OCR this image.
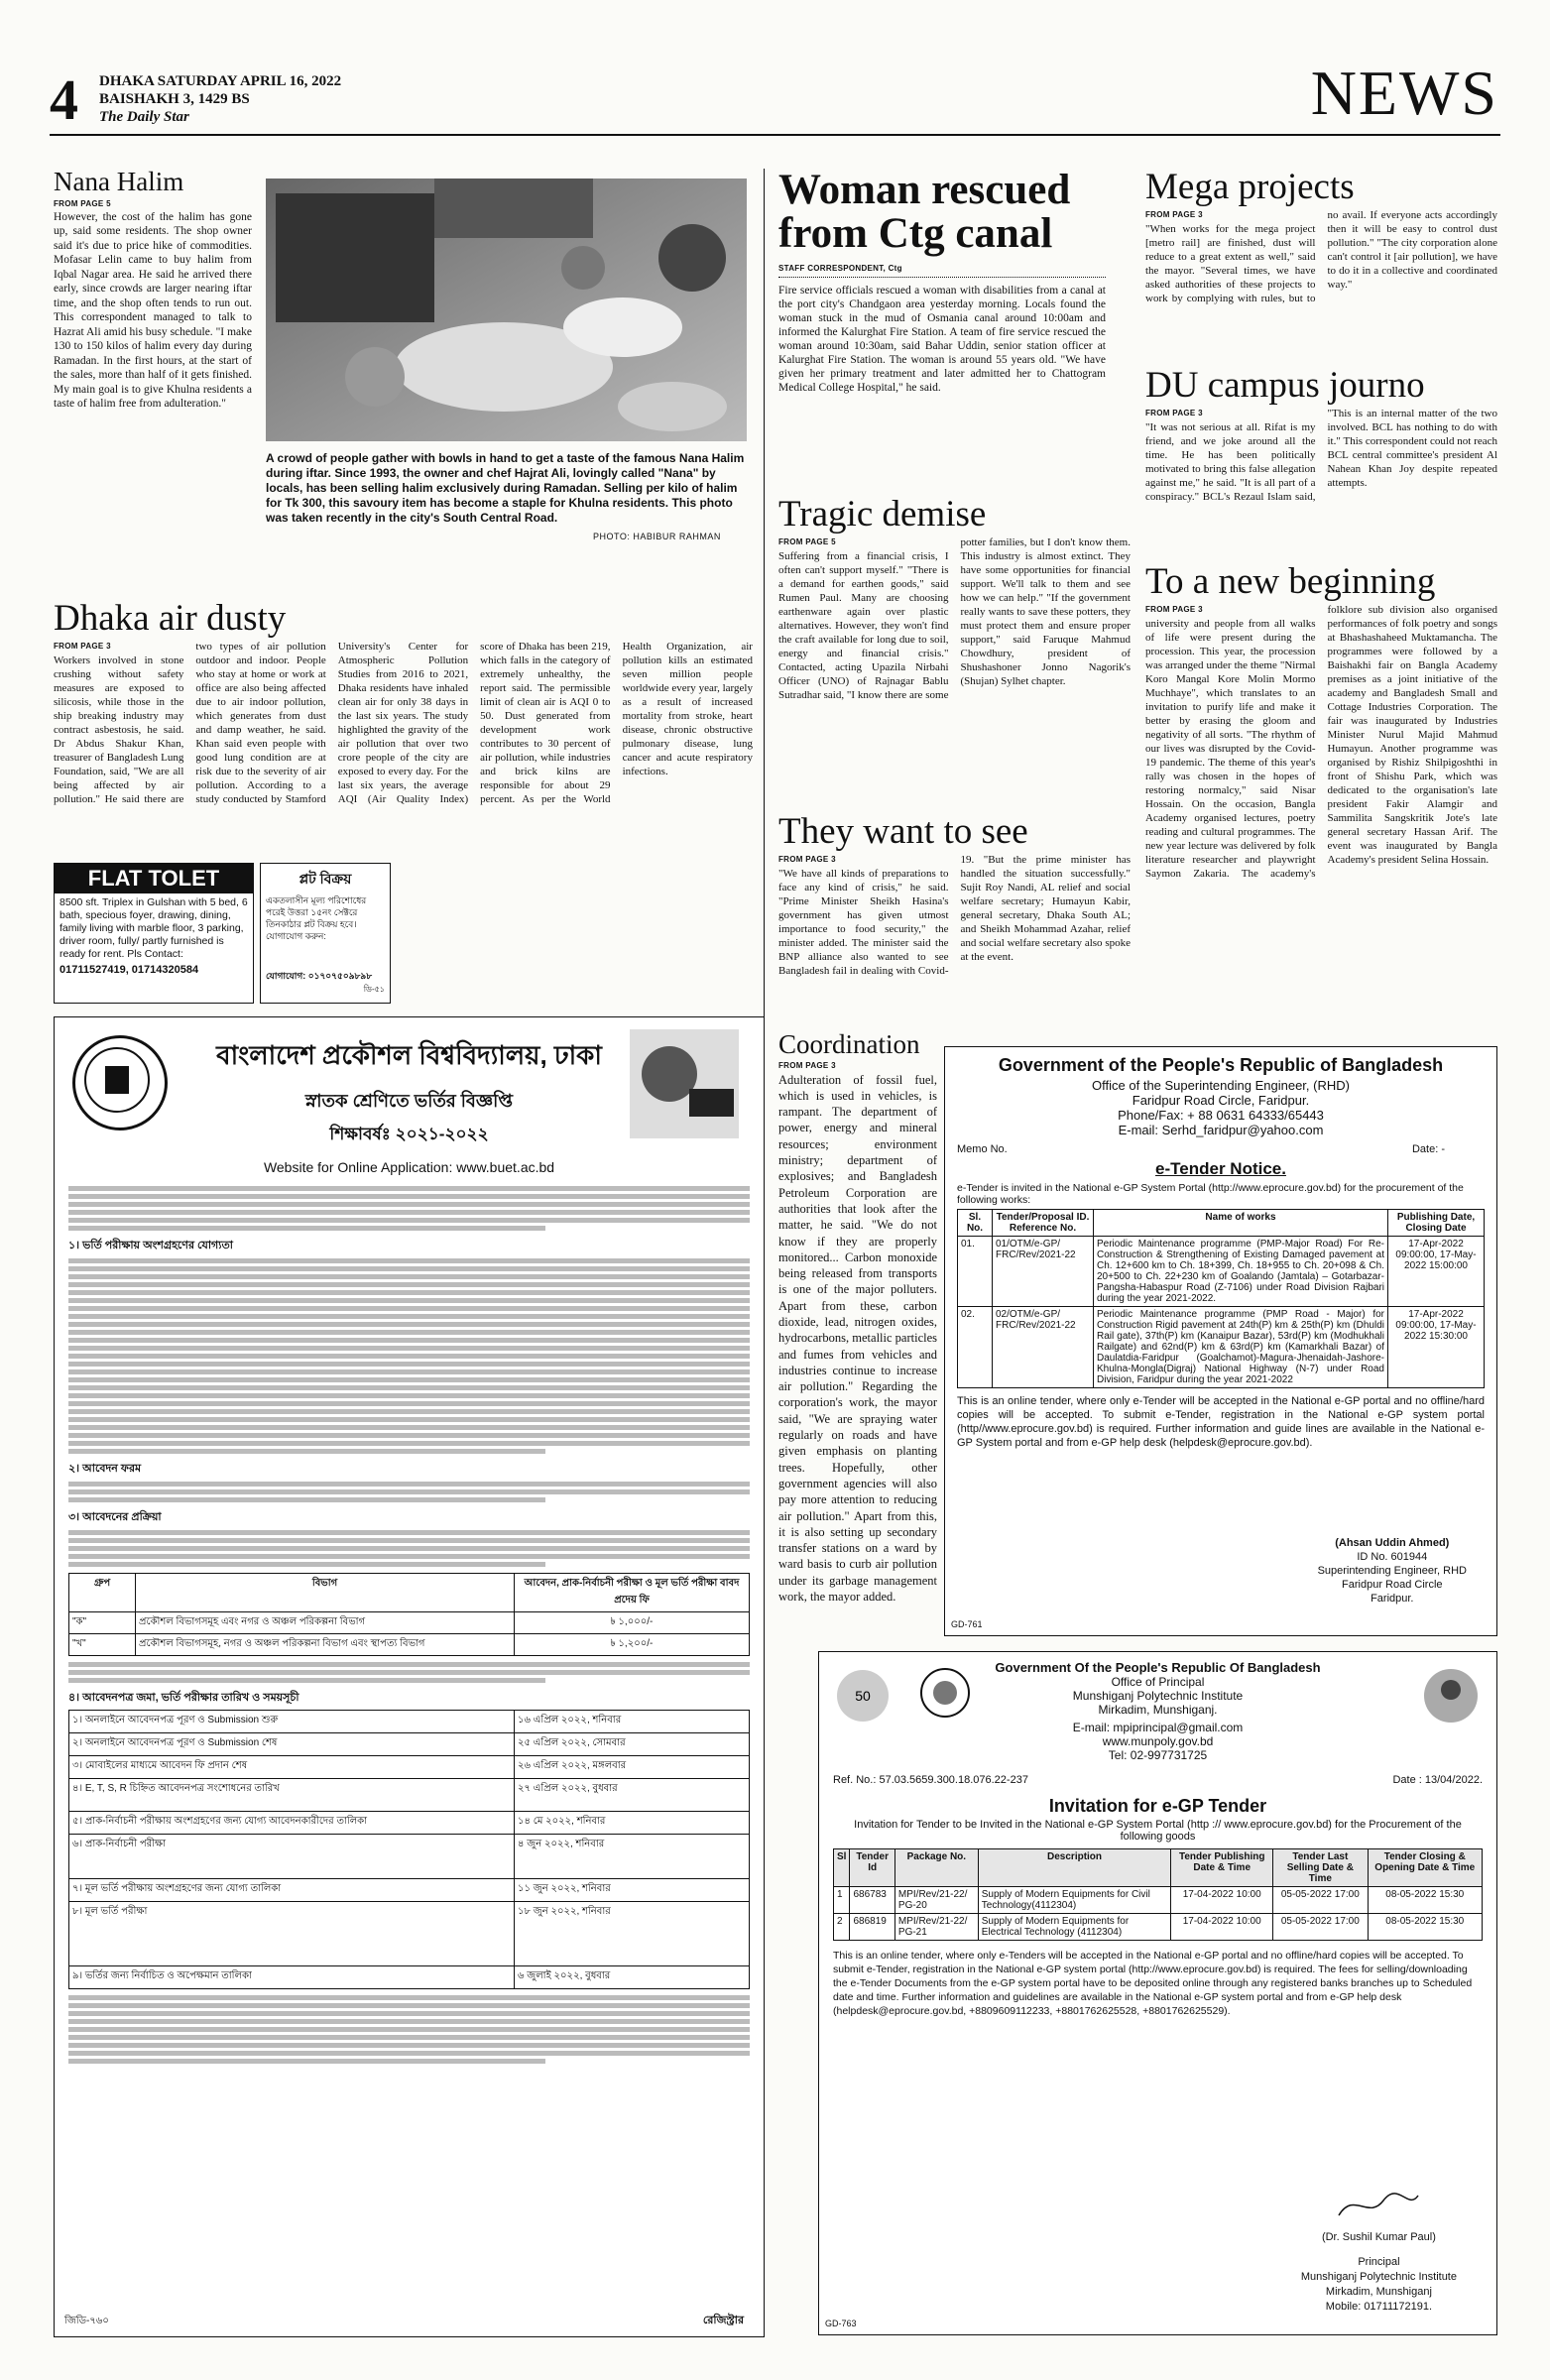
4 DHAKA SATURDAY APRIL 16, 2022
BAISHAKH 3, 1429 BS
The Daily Star	NEWS
Nana Halim
FROM PAGE 5
However, the cost of the halim has gone up, said some residents. The shop owner said it's due to price hike of commodities. Mofasar Lelin came to buy halim from Iqbal Nagar area. He said he arrived there early, since crowds are larger nearing iftar time, and the shop often tends to run out. This correspondent managed to talk to Hazrat Ali amid his busy schedule. "I make 130 to 150 kilos of halim every day during Ramadan. In the first hours, at the start of the sales, more than half of it gets finished. My main goal is to give Khulna residents a taste of halim free from adulteration."
A crowd of people gather with bowls in hand to get a taste of the famous Nana Halim during iftar. Since 1993, the owner and chef Hajrat Ali, lovingly called "Nana" by locals, has been selling halim exclusively during Ramadan. Selling per kilo of halim for Tk 300, this savoury item has become a staple for Khulna residents. This photo was taken recently in the city's South Central Road.
PHOTO: HABIBUR RAHMAN
Woman rescued from Ctg canal
STAFF CORRESPONDENT, Ctg
Fire service officials rescued a woman with disabilities from a canal at the port city's Chandgaon area yesterday morning. Locals found the woman stuck in the mud of Osmania canal around 10:00am and informed the Kalurghat Fire Station. A team of fire service rescued the woman around 10:30am, said Bahar Uddin, senior station officer at Kalurghat Fire Station. The woman is around 55 years old. "We have given her primary treatment and later admitted her to Chattogram Medical College Hospital," he said.
Mega projects
FROM PAGE 3
"When works for the mega project [metro rail] are finished, dust will reduce to a great extent as well," said the mayor. "Several times, we have asked authorities of these projects to work by complying with rules, but to no avail. If everyone acts accordingly then it will be easy to control dust pollution." "The city corporation alone can't control it [air pollution], we have to do it in a collective and coordinated way."
DU campus journo
FROM PAGE 3
"It was not serious at all. Rifat is my friend, and we joke around all the time. He has been politically motivated to bring this false allegation against me," he said. "It is all part of a conspiracy." BCL's Rezaul Islam said, "This is an internal matter of the two involved. BCL has nothing to do with it." This correspondent could not reach BCL central committee's president Al Nahean Khan Joy despite repeated attempts.
Tragic demise
FROM PAGE 5
Suffering from a financial crisis, I often can't support myself." "There is a demand for earthen goods," said Rumen Paul. Many are choosing earthenware again over plastic alternatives. However, they won't find the craft available for long due to soil, energy and financial crisis." Contacted, acting Upazila Nirbahi Officer (UNO) of Rajnagar Bablu Sutradhar said, "I know there are some potter families, but I don't know them. This industry is almost extinct. They have some opportunities for financial support. We'll talk to them and see how we can help." "If the government really wants to save these potters, they must protect them and ensure proper support," said Faruque Mahmud Chowdhury, president of Shushashoner Jonno Nagorik's (Shujan) Sylhet chapter.
To a new beginning
FROM PAGE 3
university and people from all walks of life were present during the procession. This year, the procession was arranged under the theme "Nirmal Koro Mangal Kore Molin Mormo Muchhaye", which translates to an invitation to purify life and make it better by erasing the gloom and negativity of all sorts. "The rhythm of our lives was disrupted by the Covid-19 pandemic. The theme of this year's rally was chosen in the hopes of restoring normalcy," said Nisar Hossain. On the occasion, Bangla Academy organised lectures, poetry reading and cultural programmes. The new year lecture was delivered by folk literature researcher and playwright Saymon Zakaria. The academy's folklore sub division also organised performances of folk poetry and songs at Bhashashaheed Muktamancha. The programmes were followed by a Baishakhi fair on Bangla Academy premises as a joint initiative of the academy and Bangladesh Small and Cottage Industries Corporation. The fair was inaugurated by Industries Minister Nurul Majid Mahmud Humayun. Another programme was organised by Rishiz Shilpigoshthi in front of Shishu Park, which was dedicated to the organisation's late president Fakir Alamgir and Sammilita Sangskritik Jote's late general secretary Hassan Arif. The event was inaugurated by Bangla Academy's president Selina Hossain.
Dhaka air dusty
FROM PAGE 3
Workers involved in stone crushing without safety measures are exposed to silicosis, while those in the ship breaking industry may contract asbestosis, he said. Dr Abdus Shakur Khan, treasurer of Bangladesh Lung Foundation, said, "We are all being affected by air pollution." He said there are two types of air pollution outdoor and indoor. People who stay at home or work at office are also being affected due to air indoor pollution, which generates from dust and damp weather, he said. Khan said even people with good lung condition are at risk due to the severity of air pollution. According to a study conducted by Stamford University's Center for Atmospheric Pollution Studies from 2016 to 2021, Dhaka residents have inhaled clean air for only 38 days in the last six years. The study highlighted the gravity of the air pollution that over two crore people of the city are exposed to every day. For the last six years, the average AQI (Air Quality Index) score of Dhaka has been 219, which falls in the category of extremely unhealthy, the report said. The permissible limit of clean air is AQI 0 to 50. Dust generated from development work contributes to 30 percent of air pollution, while industries and brick kilns are responsible for about 29 percent. As per the World Health Organization, air pollution kills an estimated seven million people worldwide every year, largely as a result of increased mortality from stroke, heart disease, chronic obstructive pulmonary disease, lung cancer and acute respiratory infections.
They want to see
FROM PAGE 3
"We have all kinds of preparations to face any kind of crisis," he said. "Prime Minister Sheikh Hasina's government has given utmost importance to food security," the minister added. The minister said the BNP alliance also wanted to see Bangladesh fail in dealing with Covid-19. "But the prime minister has handled the situation successfully." Sujit Roy Nandi, AL relief and social welfare secretary; Humayun Kabir, general secretary, Dhaka South AL; and Sheikh Mohammad Azahar, relief and social welfare secretary also spoke at the event.
FLAT TOLET
8500 sft. Triplex in Gulshan with 5 bed, 6 bath, specious foyer, drawing, dining, family living with marble floor, 3 parking, driver room, fully/ partly furnished is ready for rent. Pls Contact:
01711527419, 01714320584
প্লট বিক্রয়
একতলাসীন মূল্য পরিশোধের পরেই উত্তরা ১৫নং সেক্টরে তিনকাঠার প্লট বিক্রয় হবে। যোগাযোগ করুন:
যোগাযোগ: ০১৭০৭৫০৯৮৯৮
ডি-৫১
Coordination
FROM PAGE 3
Adulteration of fossil fuel, which is used in vehicles, is rampant. The department of power, energy and mineral resources; environment ministry; department of explosives; and Bangladesh Petroleum Corporation are authorities that look after the matter, he said. "We do not know if they are properly monitored... Carbon monoxide being released from transports is one of the major polluters. Apart from these, carbon dioxide, lead, nitrogen oxides, hydrocarbons, metallic particles and fumes from vehicles and industries continue to increase air pollution." Regarding the corporation's work, the mayor said, "We are spraying water regularly on roads and have given emphasis on planting trees. Hopefully, other government agencies will also pay more attention to reducing air pollution." Apart from this, it is also setting up secondary transfer stations on a ward by ward basis to curb air pollution under its garbage management work, the mayor added.
বাংলাদেশ প্রকৌশল বিশ্ববিদ্যালয়, ঢাকা
স্নাতক শ্রেণিতে ভর্তির বিজ্ঞপ্তি
শিক্ষাবর্ষঃ ২০২১-২০২২
Website for Online Application: www.buet.ac.bd
১। ভর্তি পরীক্ষায় অংশগ্রহণের যোগ্যতা
২। আবেদন ফরম
৩। আবেদনের প্রক্রিয়া
গ্রুপ	বিভাগ	আবেদন, প্রাক-নির্বাচনী পরীক্ষা ও মূল ভর্তি পরীক্ষা বাবদ প্রদেয় ফি
"ক"	প্রকৌশল বিভাগসমূহ এবং নগর ও অঞ্চল পরিকল্পনা বিভাগ	৳ ১,০০০/-
"খ"	প্রকৌশল বিভাগসমূহ, নগর ও অঞ্চল পরিকল্পনা বিভাগ এবং স্থাপত্য বিভাগ	৳ ১,২০০/-
৪। আবেদনপত্র জমা, ভর্তি পরীক্ষার তারিখ ও সময়সূচী
১। অনলাইনে আবেদনপত্র পূরণ ও Submission শুরু	১৬ এপ্রিল ২০২২, শনিবার
২। অনলাইনে আবেদনপত্র পূরণ ও Submission শেষ	২৫ এপ্রিল ২০২২, সোমবার
৩। মোবাইলের মাধ্যমে আবেদন ফি প্রদান শেষ	২৬ এপ্রিল ২০২২, মঙ্গলবার
৪। E, T, S, R চিহ্নিত আবেদনপত্র সংশোধনের তারিখ	২৭ এপ্রিল ২০২২, বুধবার
৫। প্রাক-নির্বাচনী পরীক্ষায় অংশগ্রহণের জন্য যোগ্য আবেদনকারীদের তালিকা	১৪ মে ২০২২, শনিবার
৬। প্রাক-নির্বাচনী পরীক্ষা	৪ জুন ২০২২, শনিবার
৭। মূল ভর্তি পরীক্ষায় অংশগ্রহণের জন্য যোগ্য তালিকা	১১ জুন ২০২২, শনিবার
৮। মূল ভর্তি পরীক্ষা	১৮ জুন ২০২২, শনিবার
৯। ভর্তির জন্য নির্বাচিত ও অপেক্ষমান তালিকা	৬ জুলাই ২০২২, বুধবার
জিডি-৭৬০	রেজিস্ট্রার
Government of the People's Republic of Bangladesh
Office of the Superintending Engineer, (RHD)
Faridpur Road Circle, Faridpur.
Phone/Fax: + 88 0631 64333/65443
E-mail: Serhd_faridpur@yahoo.com
Memo No.	Date: -
e-Tender Notice.
e-Tender is invited in the National e-GP System Portal (http://www.eprocure.gov.bd) for the procurement of the following works:
Sl. No.	Tender/Proposal ID. Reference No.	Name of works	Publishing Date, Closing Date
01.	01/OTM/e-GP/ FRC/Rev/2021-22	Periodic Maintenance programme (PMP-Major Road) For Re-Construction & Strengthening of Existing Damaged pavement at Ch. 12+600 km to Ch. 18+399, Ch. 18+955 to Ch. 20+098 & Ch. 20+500 to Ch. 22+230 km of Goalando (Jamtala) – Gotarbazar-Pangsha-Habaspur Road (Z-7106) under Road Division Rajbari during the year 2021-2022.	17-Apr-2022 09:00:00, 17-May-2022 15:00:00
02.	02/OTM/e-GP/ FRC/Rev/2021-22	Periodic Maintenance programme (PMP Road - Major) for Construction Rigid pavement at 24th(P) km & 25th(P) km (Dhuldi Rail gate), 37th(P) km (Kanaipur Bazar), 53rd(P) km (Modhukhali Railgate) and 62nd(P) km & 63rd(P) km (Kamarkhali Bazar) of Daulatdia-Faridpur (Goalchamot)-Magura-Jhenaidah-Jashore-Khulna-Mongla(Digraj) National Highway (N-7) under Road Division, Faridpur during the year 2021-2022	17-Apr-2022 09:00:00, 17-May-2022 15:30:00
This is an online tender, where only e-Tender will be accepted in the National e-GP portal and no offline/hard copies will be accepted. To submit e-Tender, registration in the National e-GP system portal (http//www.eprocure.gov.bd) is required. Further information and guide lines are available in the National e-GP System portal and from e-GP help desk (helpdesk@eprocure.gov.bd).
(Ahsan Uddin Ahmed)
ID No. 601944
Superintending Engineer, RHD
Faridpur Road Circle
Faridpur.
GD-761
50
Government Of the People's Republic Of Bangladesh
Office of Principal
Munshiganj Polytechnic Institute
Mirkadim, Munshiganj.
E-mail: mpiprincipal@gmail.com
www.munpoly.gov.bd
Tel: 02-997731725
Ref. No.: 57.03.5659.300.18.076.22-237	Date : 13/04/2022.
Invitation for e-GP Tender
Invitation for Tender to be Invited in the National e-GP System Portal (http :// www.eprocure.gov.bd) for the Procurement of the following goods
Sl	Tender Id	Package No.	Description	Tender Publishing Date & Time	Tender Last Selling Date & Time	Tender Closing & Opening Date & Time
1	686783	MPI/Rev/21-22/ PG-20	Supply of Modern Equipments for Civil Technology(4112304)	17-04-2022 10:00	05-05-2022 17:00	08-05-2022 15:30
2	686819	MPI/Rev/21-22/ PG-21	Supply of Modern Equipments for Electrical Technology (4112304)	17-04-2022 10:00	05-05-2022 17:00	08-05-2022 15:30
This is an online tender, where only e-Tenders will be accepted in the National e-GP portal and no offline/hard copies will be accepted. To submit e-Tender, registration in the National e-GP system portal (http://www.eprocure.gov.bd) is required. The fees for selling/downloading the e-Tender Documents from the e-GP system portal have to be deposited online through any registered banks branches up to Scheduled date and time. Further information and guidelines are available in the National e-GP system portal and from e-GP help desk (helpdesk@eprocure.gov.bd, +8809609112233, +8801762625528, +8801762625529).
(Dr. Sushil Kumar Paul)
Principal
Munshiganj Polytechnic Institute
Mirkadim, Munshiganj
Mobile: 01711172191.
GD-763
